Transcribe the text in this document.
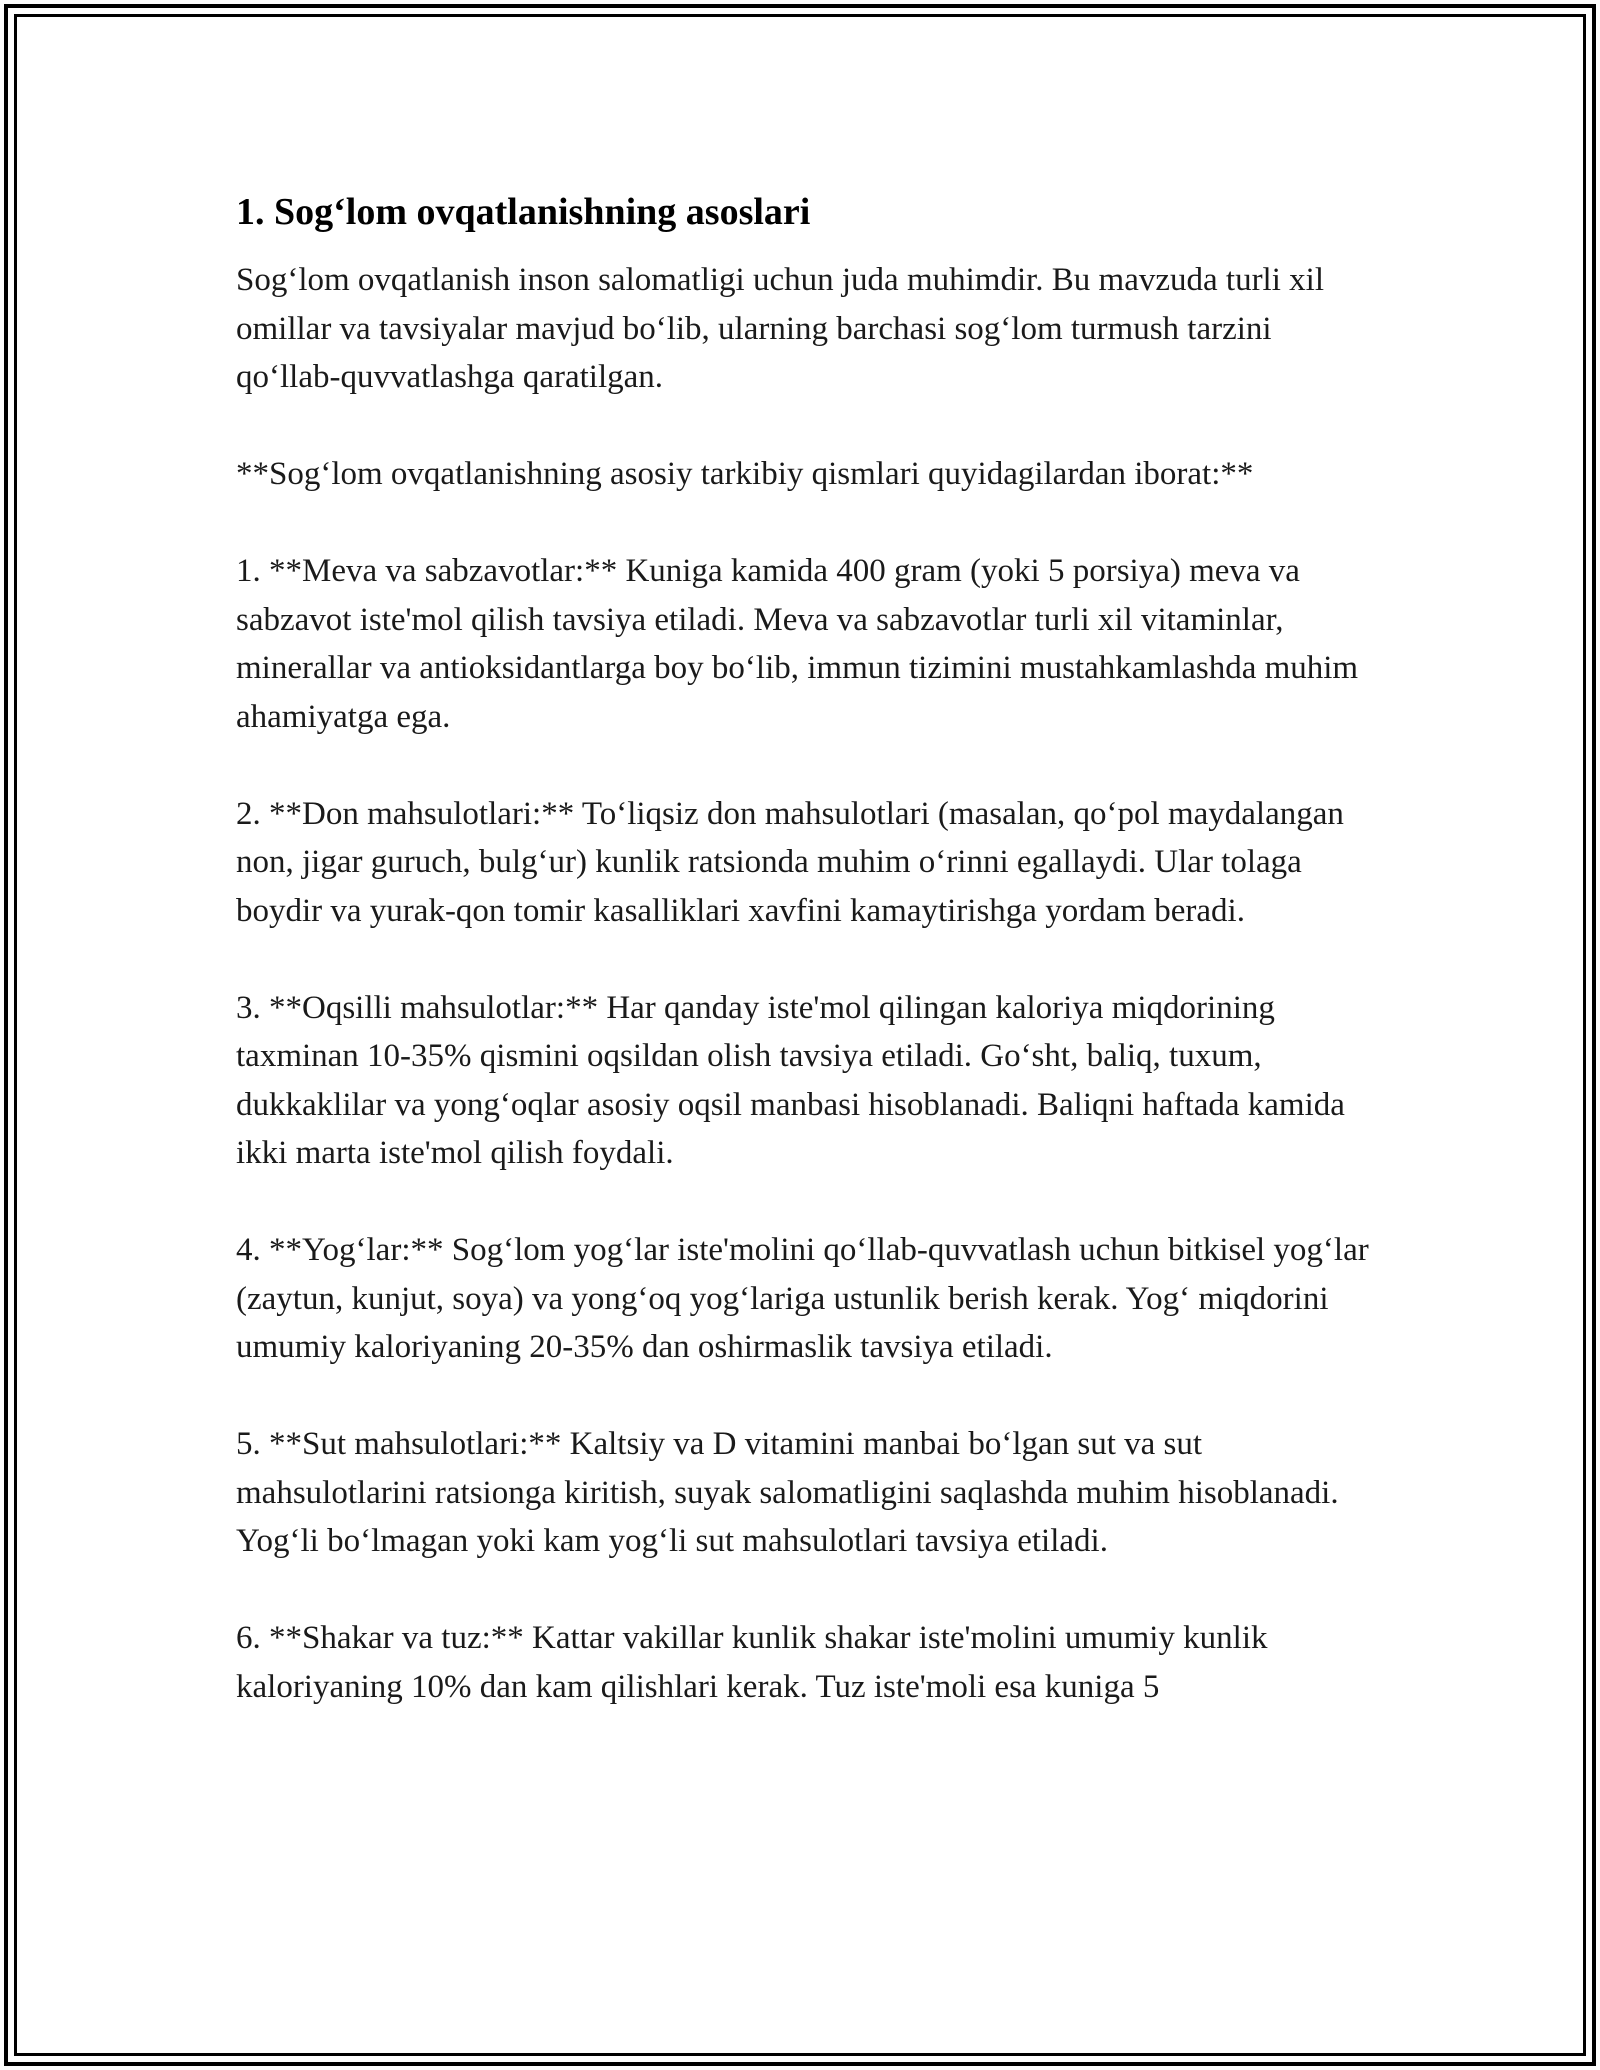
1. Sog‘lom ovqatlanishning asoslari

Sog‘lom ovqatlanish inson salomatligi uchun juda muhimdir. Bu mavzuda turli xil omillar va tavsiyalar mavjud bo‘lib, ularning barchasi sog‘lom turmush tarzini qo‘llab-quvvatlashga qaratilgan.

**Sog‘lom ovqatlanishning asosiy tarkibiy qismlari quyidagilardan iborat:**

1. **Meva va sabzavotlar:** Kuniga kamida 400 gram (yoki 5 porsiya) meva va sabzavot iste'mol qilish tavsiya etiladi. Meva va sabzavotlar turli xil vitaminlar, minerallar va antioksidantlarga boy bo‘lib, immun tizimini mustahkamlashda muhim ahamiyatga ega.

2. **Don mahsulotlari:** To‘liqsiz don mahsulotlari (masalan, qo‘pol maydalangan non, jigar guruch, bulg‘ur) kunlik ratsionda muhim o‘rinni egallaydi. Ular tolaga boydir va yurak-qon tomir kasalliklari xavfini kamaytirishga yordam beradi.

3. **Oqsilli mahsulotlar:** Har qanday iste'mol qilingan kaloriya miqdorining taxminan 10-35% qismini oqsildan olish tavsiya etiladi. Go‘sht, baliq, tuxum, dukkaklilar va yong‘oqlar asosiy oqsil manbasi hisoblanadi. Baliqni haftada kamida ikki marta iste'mol qilish foydali.

4. **Yog‘lar:** Sog‘lom yog‘lar iste'molini qo‘llab-quvvatlash uchun bitkisel yog‘lar (zaytun, kunjut, soya) va yong‘oq yog‘lariga ustunlik berish kerak. Yog‘ miqdorini umumiy kaloriyaning 20-35% dan oshirmaslik tavsiya etiladi.

5. **Sut mahsulotlari:** Kaltsiy va D vitamini manbai bo‘lgan sut va sut mahsulotlarini ratsionga kiritish, suyak salomatligini saqlashda muhim hisoblanadi. Yog‘li bo‘lmagan yoki kam yog‘li sut mahsulotlari tavsiya etiladi.

6. **Shakar va tuz:** Kattar vakillar kunlik shakar iste'molini umumiy kunlik kaloriyaning 10% dan kam qilishlari kerak. Tuz iste'moli esa kuniga 5
